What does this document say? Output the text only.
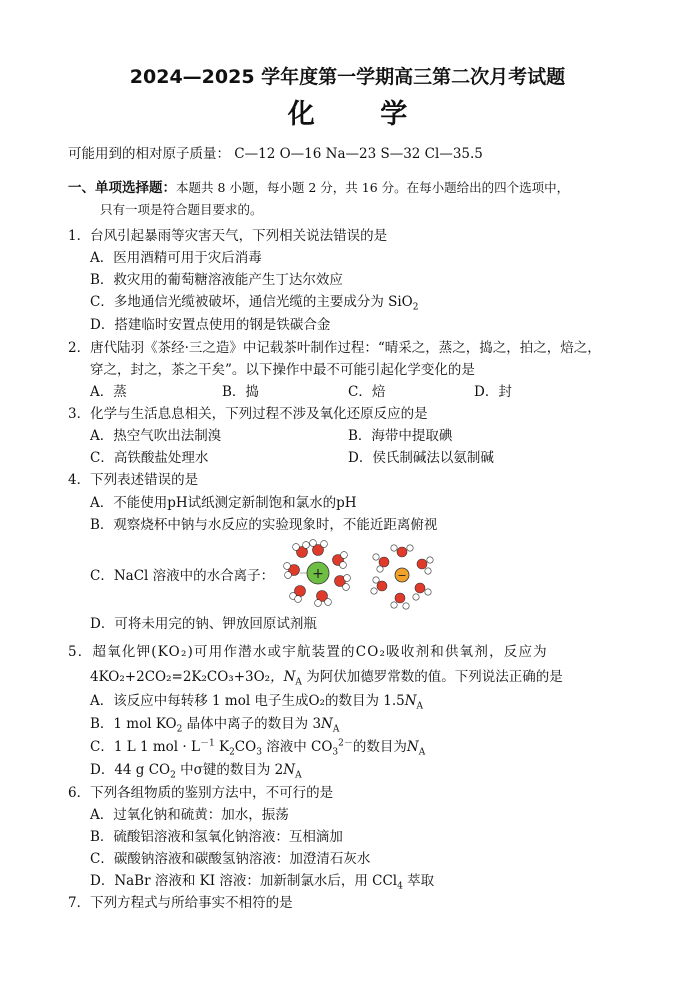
2024—2025 学年度第一学期高三第二次月考试题
化 学
可能用到的相对原子质量： C—12 O—16 Na—23 S—32 Cl—35.5
一、单项选择题：本题共 8 小题，每小题 2 分，共 16 分。在每小题给出的四个选项中，
只有一项是符合题目要求的。
1．台风引起暴雨等灾害天气，下列相关说法错误的是
A．医用酒精可用于灾后消毒
B．救灾用的葡萄糖溶液能产生丁达尔效应
C．多地通信光缆被破坏，通信光缆的主要成分为 SiO$_2$
D．搭建临时安置点使用的钢是铁碳合金
2．唐代陆羽《茶经·三之造》中记载茶叶制作过程：“晴采之，蒸之，捣之，拍之，焙之，
穿之，封之，茶之干矣”。以下操作中最不可能引起化学变化的是
A．蒸	B．捣	C．焙	D．封
3．化学与生活息息相关，下列过程不涉及氧化还原反应的是
A．热空气吹出法制溴	B．海带中提取碘
C．高铁酸盐处理水	D．侯氏制碱法以氨制碱
4．下列表述错误的是
A．不能使用pH试纸测定新制饱和氯水的pH
B．观察烧杯中钠与水反应的实验现象时，不能近距离俯视
C．NaCl 溶液中的水合离子：	+	−
D．可将未用完的钠、钾放回原试剂瓶
5．超氧化钾(KO₂)可用作潜水或宇航装置的CO₂吸收剂和供氧剂，反应为
4KO₂+2CO₂=2K₂CO₃+3O₂，$N_A$ 为阿伏加德罗常数的值。下列说法正确的是
A．该反应中每转移 1 mol 电子生成O₂的数目为 $1.5N_A$
B．1 mol $KO_2$ 晶体中离子的数目为 $3N_A$
C．1 L 1 mol · $L^{-1}$ $K_2CO_3$ 溶液中 $CO_3^{2-}$的数目为$N_A$
D．44 g $CO_2$ 中σ键的数目为 $2N_A$
6．下列各组物质的鉴别方法中，不可行的是
A．过氧化钠和硫黄：加水，振荡
B．硫酸铝溶液和氢氧化钠溶液：互相滴加
C．碳酸钠溶液和碳酸氢钠溶液：加澄清石灰水
D．NaBr 溶液和 KI 溶液：加新制氯水后，用 CCl$_4$ 萃取
7．下列方程式与所给事实不相符的是
